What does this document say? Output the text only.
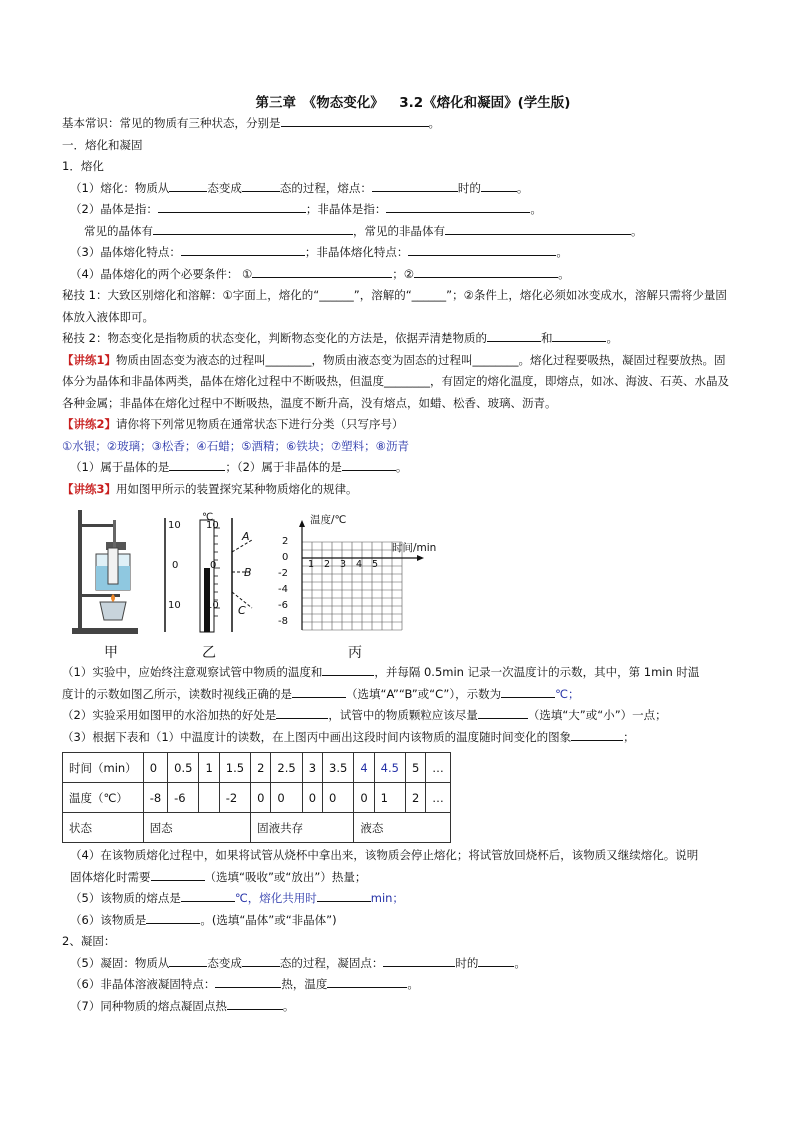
第三章　《物态变化》　 3.2《熔化和凝固》(学生版)
基本常识：常见的物质有三种状态，分别是	。
一．熔化和凝固
1．熔化
（1）熔化：物质从	态变成	态的过程，熔点：	时的	。
（2）晶体是指：	；非晶体是指：	。
常见的晶体有	，常见的非晶体有	。
（3）晶体熔化特点：	；非晶体熔化特点：	。
（4）晶体熔化的两个必要条件： ①	；②	。
秘技 1：大致区别熔化和溶解：①字面上，熔化的“______”，溶解的“______”；②条件上，熔化必须如冰变成水，溶解只需将少量固体放入液体即可。
秘技 2：物态变化是指物质的状态变化，判断物态变化的方法是，依据弄清楚物质的	和	。
【讲练1】物质由固态变为液态的过程叫________，物质由液态变为固态的过程叫________。熔化过程要吸热，凝固过程要放热。固体分为晶体和非晶体两类，晶体在熔化过程中不断吸热，但温度________，有固定的熔化温度，即熔点，如冰、海波、石英、水晶及各种金属；非晶体在熔化过程中不断吸热，温度不断升高，没有熔点，如蜡、松香、玻璃、沥青。
【讲练2】请你将下列常见物质在通常状态下进行分类（只写序号）
①水银；②玻璃；③松香；④石蜡；⑤酒精；⑥铁块；⑦塑料；⑧沥青
（1）属于晶体的是	；（2）属于非晶体的是	。
【讲练3】用如图甲所示的装置探究某种物质熔化的规律。
甲
℃
10
0
10
10
0
10
A
B
C
乙
温度/℃
时间/min
2
0
-2
-4
-6
-8
1 2 3 4 5
丙
（1）实验中，应始终注意观察试管中物质的温度和	，并每隔 0.5min 记录一次温度计的示数，其中，第 1min 时温
度计的示数如图乙所示，读数时视线正确的是	（选填“A”“B”或“C”），示数为	℃；
（2）实验采用如图甲的水浴加热的好处是	，试管中的物质颗粒应该尽量	（选填“大”或“小”）一点；
（3）根据下表和（1）中温度计的读数，在上图丙中画出这段时间内该物质的温度随时间变化的图象	；
时间（min）	0	0.5	1	1.5	2	2.5	3	3.5	4	4.5	5	…
温度（℃）	-8	-6		-2	0	0	0	0	0	1	2	…
状态	固态				固液共存				液态			
（4）在该物质熔化过程中，如果将试管从烧杯中拿出来，该物质会停止熔化；将试管放回烧杯后，该物质又继续熔化。说明
固体熔化时需要	（选填“吸收”或“放出”）热量；
（5）该物质的熔点是	℃，熔化共用时	min；
（6）该物质是	。(选填“晶体”或“非晶体”)
2、凝固：
（5）凝固：物质从	态变成	态的过程，凝固点：	时的	。
（6）非晶体溶液凝固特点：	热，温度	。
（7）同种物质的熔点凝固点热	。
